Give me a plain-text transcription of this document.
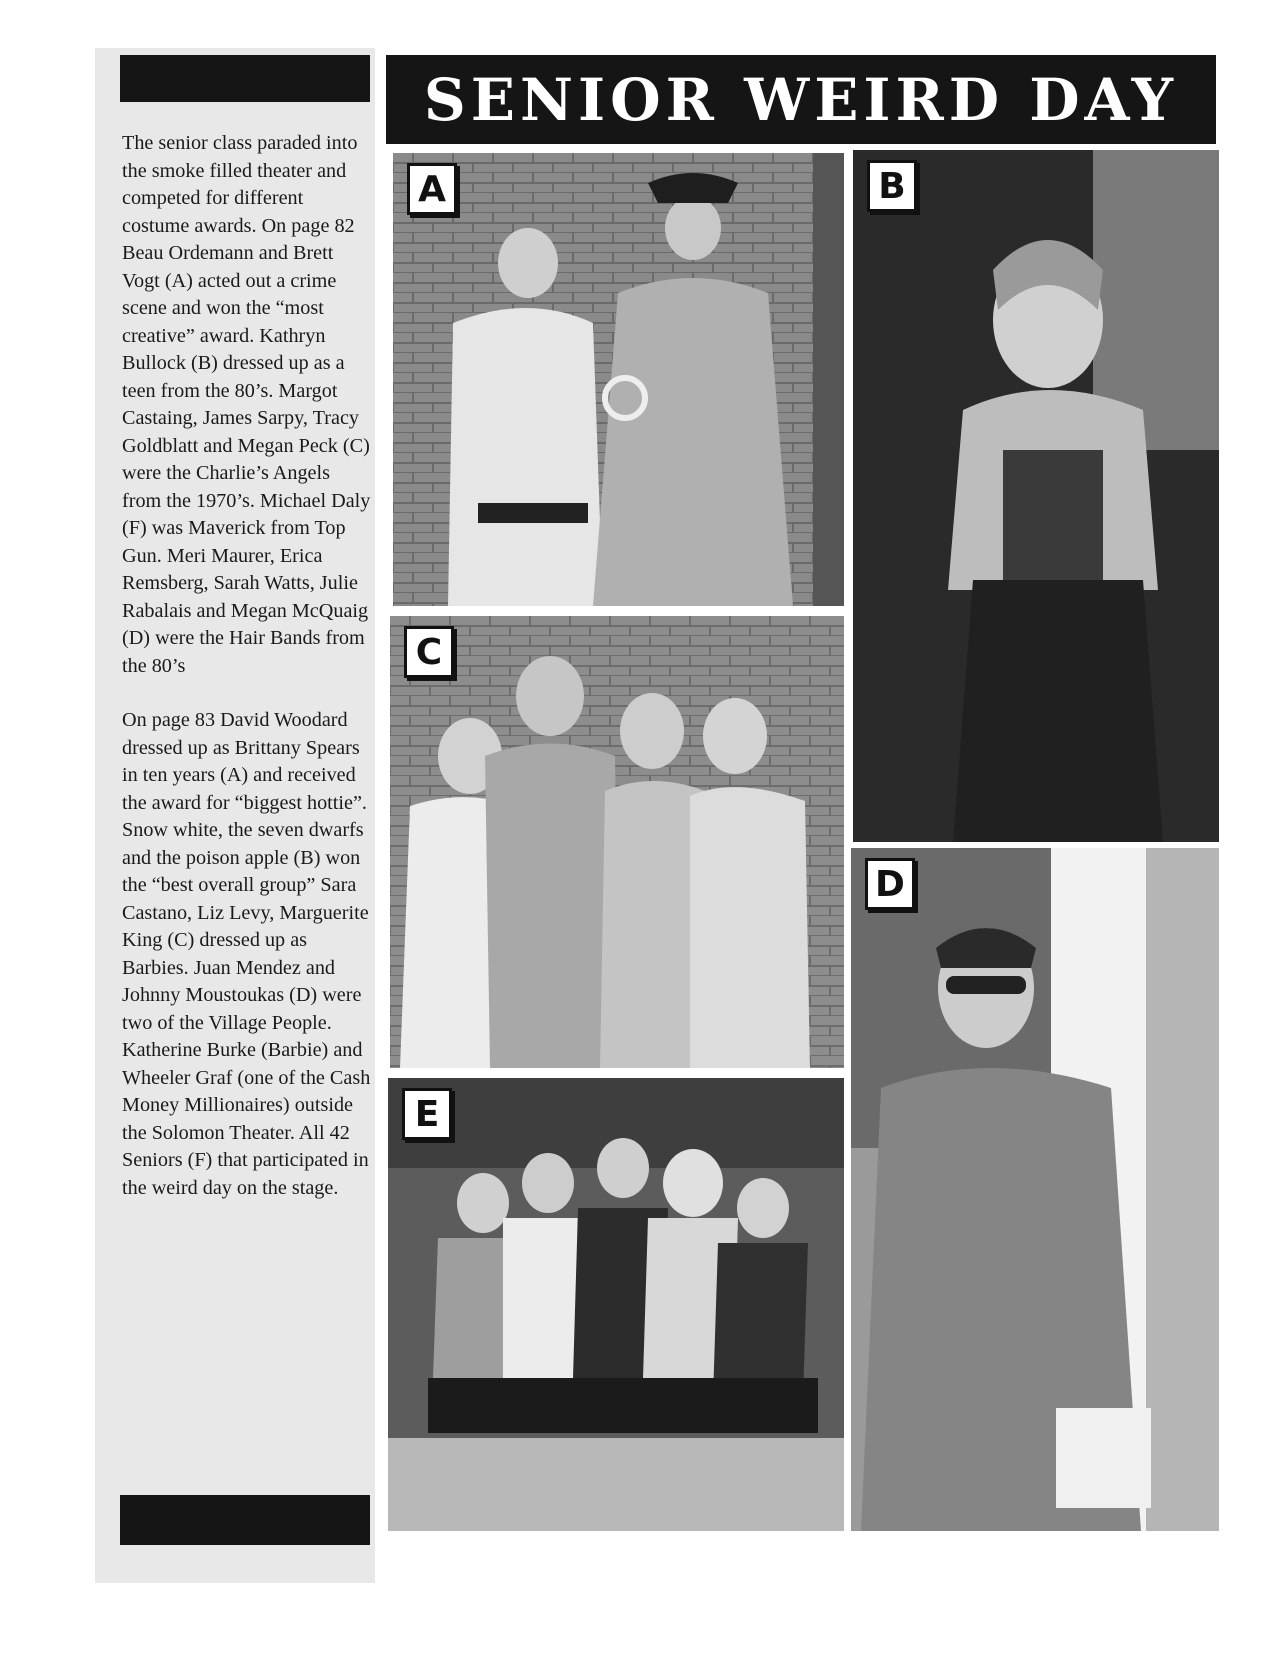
The senior class paraded into the smoke filled theater and competed for different costume awards. On page 82 Beau Ordemann and Brett Vogt (A) acted out a crime scene and won the “most creative” award. Kathryn Bullock (B) dressed up as a teen from the 80’s. Margot Castaing, James Sarpy, Tracy Goldblatt and Megan Peck (C) were the Charlie’s Angels from the 1970’s. Michael Daly (F) was Maverick from Top Gun. Meri Maurer, Erica Remsberg, Sarah Watts, Julie Rabalais and Megan McQuaig (D) were the Hair Bands from the 80’s

On page 83 David Woodard dressed up as Brittany Spears in ten years (A) and received the award for “biggest hottie”. Snow white, the seven dwarfs and the poison apple (B) won the “best overall group” Sara Castano, Liz Levy, Marguerite King (C) dressed up as Barbies. Juan Mendez and Johnny Moustoukas (D) were two of the Village People. Katherine Burke (Barbie) and Wheeler Graf (one of the Cash Money Millionaires) outside the Solomon Theater. All 42 Seniors (F) that participated in the weird day on the stage.

SENIOR WEIRD DAY
A	B
C
D
E
